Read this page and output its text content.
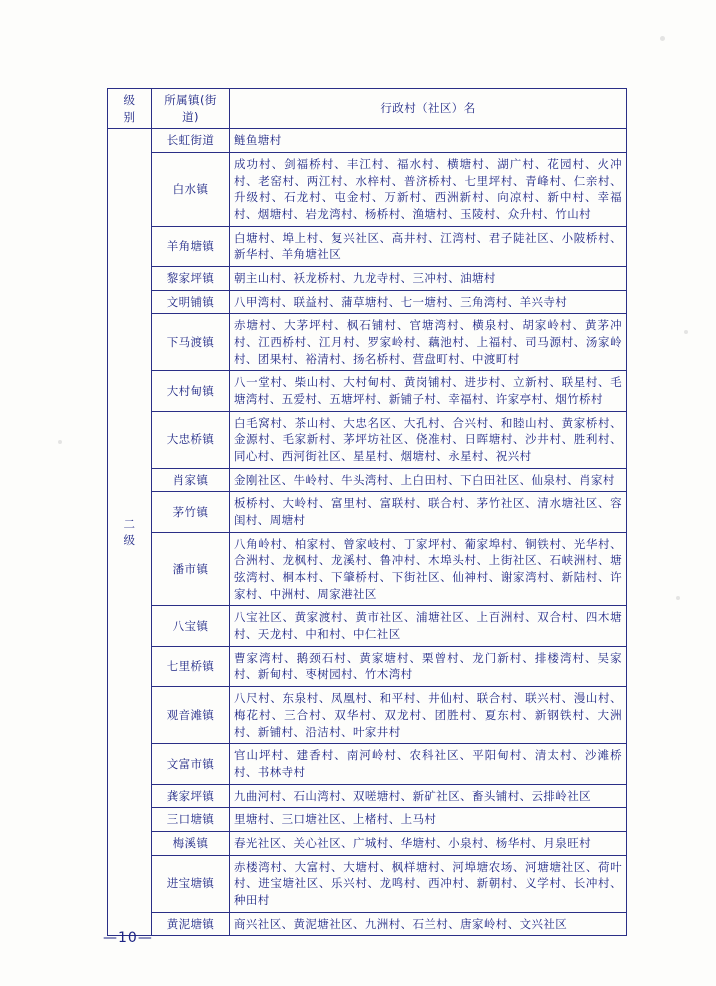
级
别	所属镇(街道)	行政村（社区）名

二
级	长虹街道	鲢鱼塘村
	白水镇	成功村、剑福桥村、丰江村、福水村、横塘村、湖广村、花园村、火冲村、老窑村、两江村、水梓村、普济桥村、七里坪村、青峰村、仁亲村、升级村、石龙村、屯金村、万新村、西洲新村、向凉村、新中村、幸福村、烟塘村、岩龙湾村、杨桥村、渔塘村、玉陵村、众升村、竹山村
	羊角塘镇	白塘村、埠上村、复兴社区、高井村、江湾村、君子陡社区、小陂桥村、新华村、羊角塘社区
	黎家坪镇	朝主山村、袄龙桥村、九龙寺村、三冲村、油塘村
	文明铺镇	八甲湾村、联益村、蒲草塘村、七一塘村、三角湾村、羊兴寺村
	下马渡镇	赤塘村、大茅坪村、枫石铺村、官塘湾村、横泉村、胡家岭村、黄茅冲村、江西桥村、江月村、罗家岭村、藕池村、上福村、司马源村、汤家岭村、团果村、裕清村、扬名桥村、营盘町村、中渡町村
	大村甸镇	八一堂村、柴山村、大村甸村、黄岗铺村、进步村、立新村、联星村、毛塘湾村、五爱村、五塘坪村、新铺子村、幸福村、许家亭村、烟竹桥村
	大忠桥镇	白毛窝村、茶山村、大忠名区、大孔村、合兴村、和睦山村、黄家桥村、金源村、毛家新村、茅坪坊社区、侥准村、日晖塘村、沙井村、胜利村、同心村、西河街社区、星星村、烟塘村、永星村、祝兴村
	肖家镇	金刚社区、牛岭村、牛头湾村、上白田村、下白田社区、仙泉村、肖家村
	茅竹镇	板桥村、大岭村、富里村、富联村、联合村、茅竹社区、清水塘社区、容闺村、周塘村
	潘市镇	八角岭村、柏家村、曾家岐村、丁家坪村、葡家埠村、铜铁村、光华村、合洲村、龙枫村、龙溪村、鲁冲村、木埠头村、上街社区、石峡洲村、塘弦湾村、桐本村、下肇桥村、下街社区、仙神村、谢家湾村、新陆村、许家村、中洲村、周家港社区
	八宝镇	八宝社区、黄家渡村、黄市社区、浦塘社区、上百洲村、双合村、四木塘村、天龙村、中和村、中仁社区
	七里桥镇	曹家湾村、鹅颈石村、黄家塘村、栗曾村、龙门新村、排楼湾村、吴家村、新甸村、枣树园村、竹木湾村
	观音滩镇	八尺村、东泉村、凤凰村、和平村、井仙村、联合村、联兴村、漫山村、梅花村、三合村、双华村、双龙村、团胜村、夏东村、新钢铁村、大洲村、新铺村、沿洁村、叶家井村
	文富市镇	官山坪村、建香村、南河岭村、农科社区、平阳甸村、清太村、沙滩桥村、书林寺村
	龚家坪镇	九曲河村、石山湾村、双嗟塘村、新矿社区、畜头铺村、云排岭社区
	三口塘镇	里塘村、三口塘社区、上楮村、上马村
	梅溪镇	春光社区、关心社区、广城村、华塘村、小泉村、杨华村、月泉旺村
	进宝塘镇	赤楼湾村、大富村、大塘村、枫样塘村、河埠塘农场、河塘塘社区、荷叶村、进宝塘社区、乐兴村、龙鸣村、西冲村、新朝村、义学村、长冲村、种田村
	黄泥塘镇	商兴社区、黄泥塘社区、九洲村、石兰村、唐家岭村、文兴社区
—10—
